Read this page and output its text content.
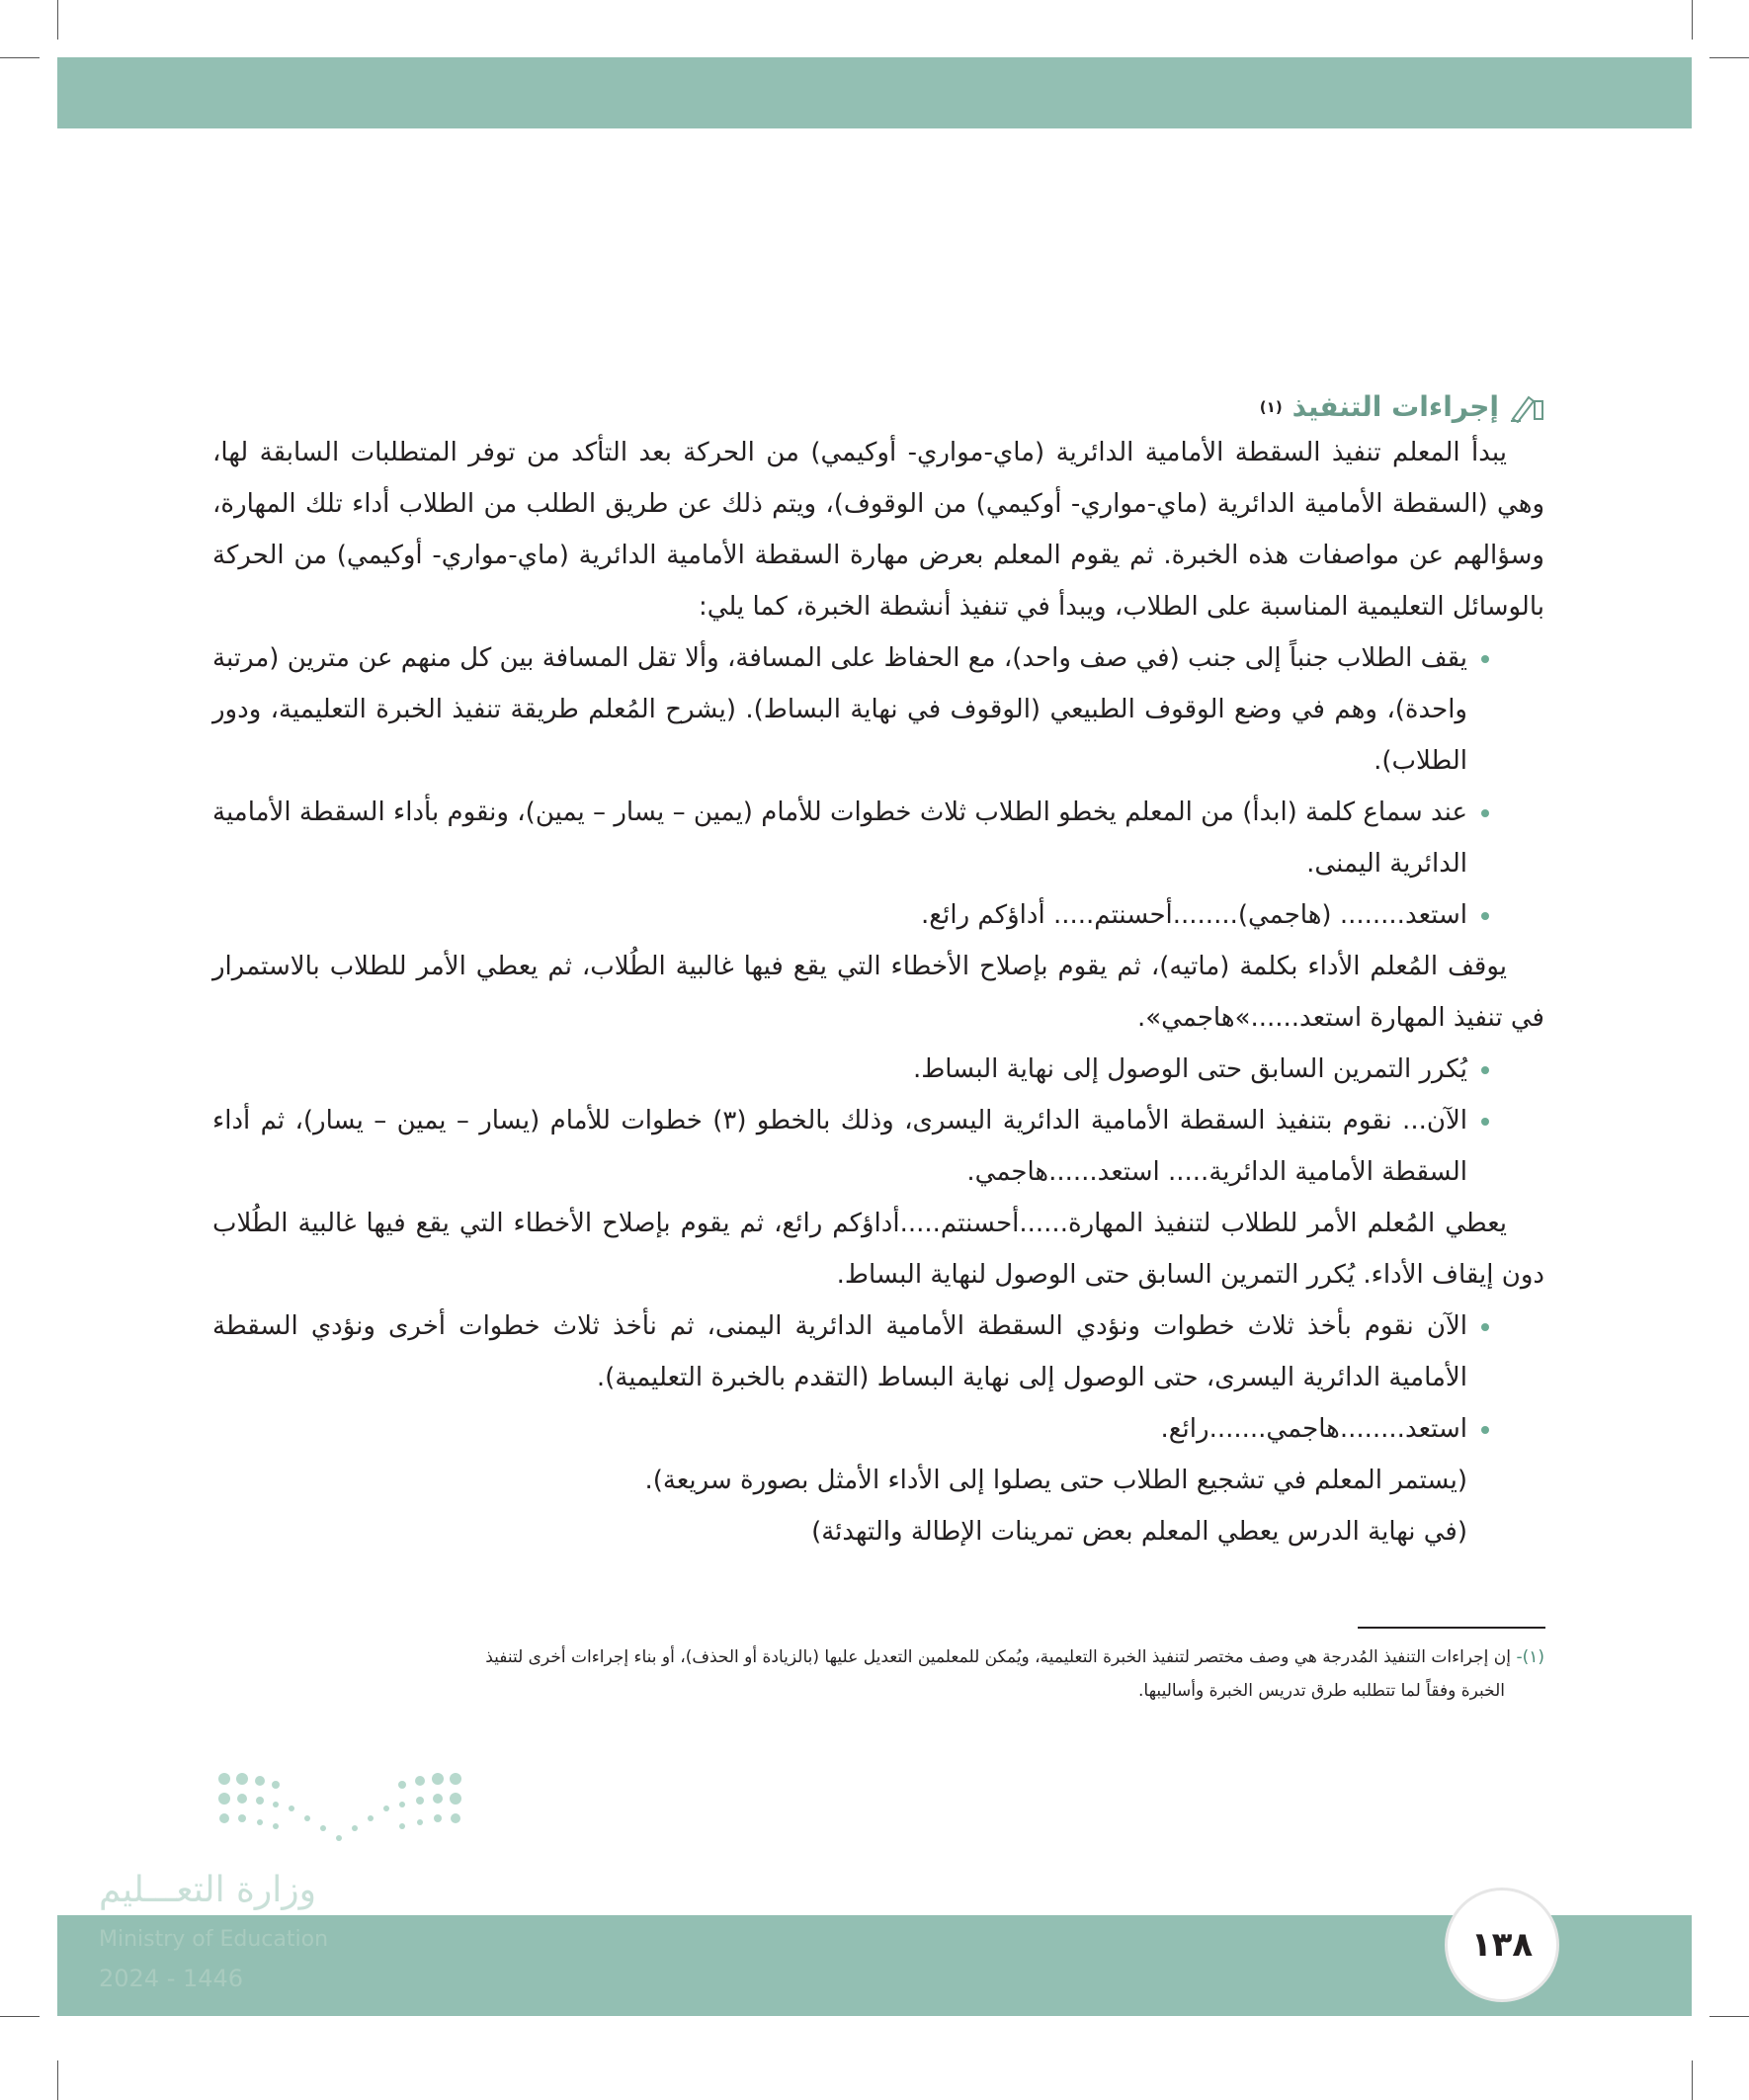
إجراءات التنفيذ
(١)

يبدأ المعلم تنفيذ السقطة الأمامية الدائرية (ماي-مواري- أوكيمي) من الحركة بعد التأكد من توفر المتطلبات السابقة لها، وهي (السقطة الأمامية الدائرية (ماي-مواري- أوكيمي) من الوقوف)، ويتم ذلك عن طريق الطلب من الطلاب أداء تلك المهارة، وسؤالهم عن مواصفات هذه الخبرة. ثم يقوم المعلم بعرض مهارة السقطة الأمامية الدائرية (ماي-مواري- أوكيمي) من الحركة بالوسائل التعليمية المناسبة على الطلاب، ويبدأ في تنفيذ أنشطة الخبرة، كما يلي:

يقف الطلاب جنباً إلى جنب (في صف واحد)، مع الحفاظ على المسافة، وألا تقل المسافة بين كل منهم عن مترين (مرتبة واحدة)، وهم في وضع الوقوف الطبيعي (الوقوف في نهاية البساط). (يشرح المُعلم طريقة تنفيذ الخبرة التعليمية، ودور الطلاب).
عند سماع كلمة (ابدأ) من المعلم يخطو الطلاب ثلاث خطوات للأمام (يمين – يسار – يمين)، ونقوم بأداء السقطة الأمامية الدائرية اليمنى.
استعد........ (هاجمي)........أحسنتم..... أداؤكم رائع.

يوقف المُعلم الأداء بكلمة (ماتيه)، ثم يقوم بإصلاح الأخطاء التي يقع فيها غالبية الطُلاب، ثم يعطي الأمر للطلاب بالاستمرار في تنفيذ المهارة استعد......»هاجمي».

يُكرر التمرين السابق حتى الوصول إلى نهاية البساط.
الآن... نقوم بتنفيذ السقطة الأمامية الدائرية اليسرى، وذلك بالخطو (٣) خطوات للأمام (يسار – يمين – يسار)، ثم أداء السقطة الأمامية الدائرية..... استعد......هاجمي.

يعطي المُعلم الأمر للطلاب لتنفيذ المهارة......أحسنتم.....أداؤكم رائع، ثم يقوم بإصلاح الأخطاء التي يقع فيها غالبية الطُلاب دون إيقاف الأداء. يُكرر التمرين السابق حتى الوصول لنهاية البساط.

الآن نقوم بأخذ ثلاث خطوات ونؤدي السقطة الأمامية الدائرية اليمنى، ثم نأخذ ثلاث خطوات أخرى ونؤدي السقطة الأمامية الدائرية اليسرى، حتى الوصول إلى نهاية البساط (التقدم بالخبرة التعليمية).
استعد........هاجمي.......رائع.

(يستمر المعلم في تشجيع الطلاب حتى يصلوا إلى الأداء الأمثل بصورة سريعة).

(في نهاية الدرس يعطي المعلم بعض تمرينات الإطالة والتهدئة)

(١)- إن إجراءات التنفيذ المُدرجة هي وصف مختصر لتنفيذ الخبرة التعليمية، ويُمكن للمعلمين التعديل عليها (بالزيادة أو الحذف)، أو بناء إجراءات أخرى لتنفيذ
الخبرة وفقاً لما تتطلبه طرق تدريس الخبرة وأساليبها.
وزارة التعـــليم
Ministry of Education
2024 - 1446
١٣٨
